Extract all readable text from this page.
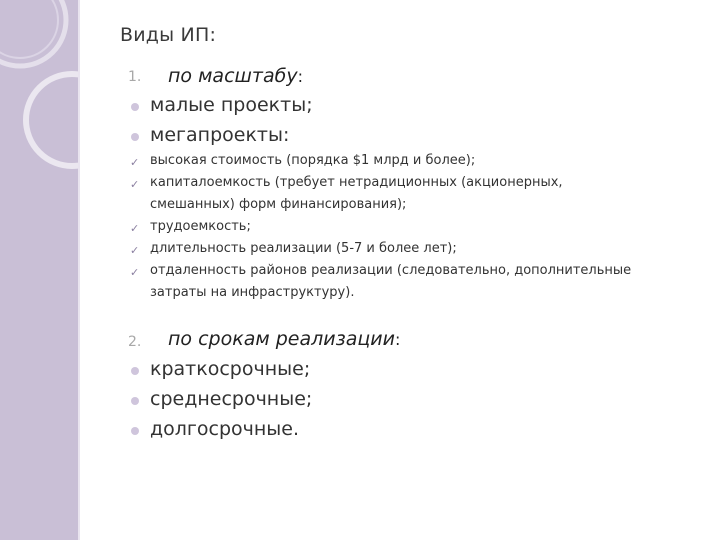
Виды ИП:
1. по масштабу:
малые проекты;
мегапроекты:
✓ высокая стоимость (порядка $1 млрд и более);
✓ капиталоемкость (требует нетрадиционных (акционерных,
смешанных) форм финансирования);
✓ трудоемкость;
✓ длительность реализации (5-7 и более лет);
✓ отдаленность районов реализации (следовательно, дополнительные
затраты на инфраструктуру).
2. по срокам реализации:
краткосрочные;
среднесрочные;
долгосрочные.
